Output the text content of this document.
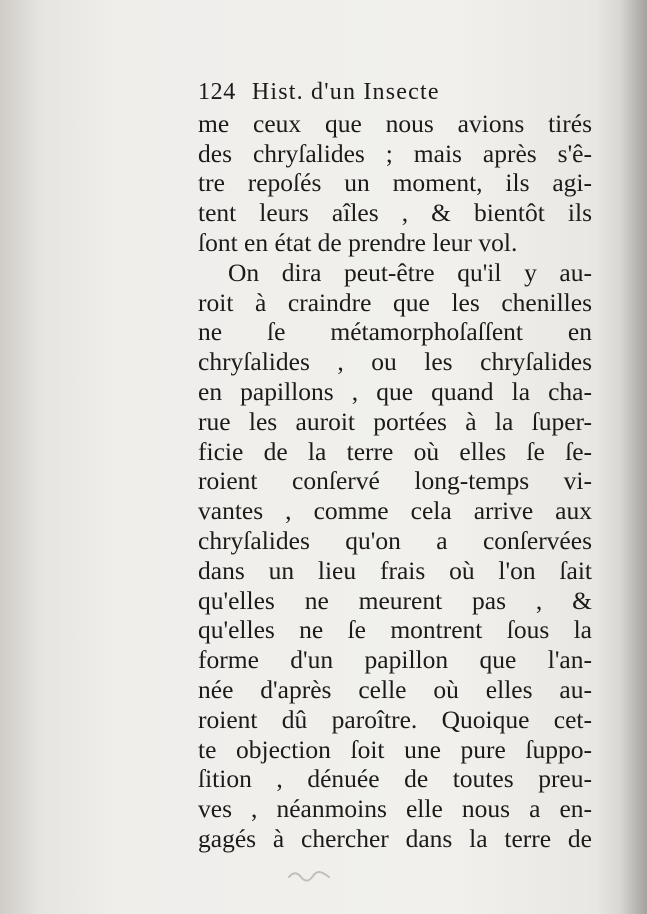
124 Hist. d'un Insecte
me ceux que nous avions tirés
des chryſalides ; mais après s'ê-
tre repoſés un moment, ils agi-
tent leurs aîles , & bientôt ils
ſont en état de prendre leur vol.
On dira peut-être qu'il y au-
roit à craindre que les chenilles
ne ſe métamorphoſaſſent en
chryſalides , ou les chryſalides
en papillons , que quand la cha-
rue les auroit portées à la ſuper-
ficie de la terre où elles ſe ſe-
roient conſervé long-temps vi-
vantes , comme cela arrive aux
chryſalides qu'on a conſervées
dans un lieu frais où l'on ſait
qu'elles ne meurent pas , &
qu'elles ne ſe montrent ſous la
forme d'un papillon que l'an-
née d'après celle où elles au-
roient dû paroître. Quoique cet-
te objection ſoit une pure ſuppo-
ſition , dénuée de toutes preu-
ves , néanmoins elle nous a en-
gagés à chercher dans la terre de
